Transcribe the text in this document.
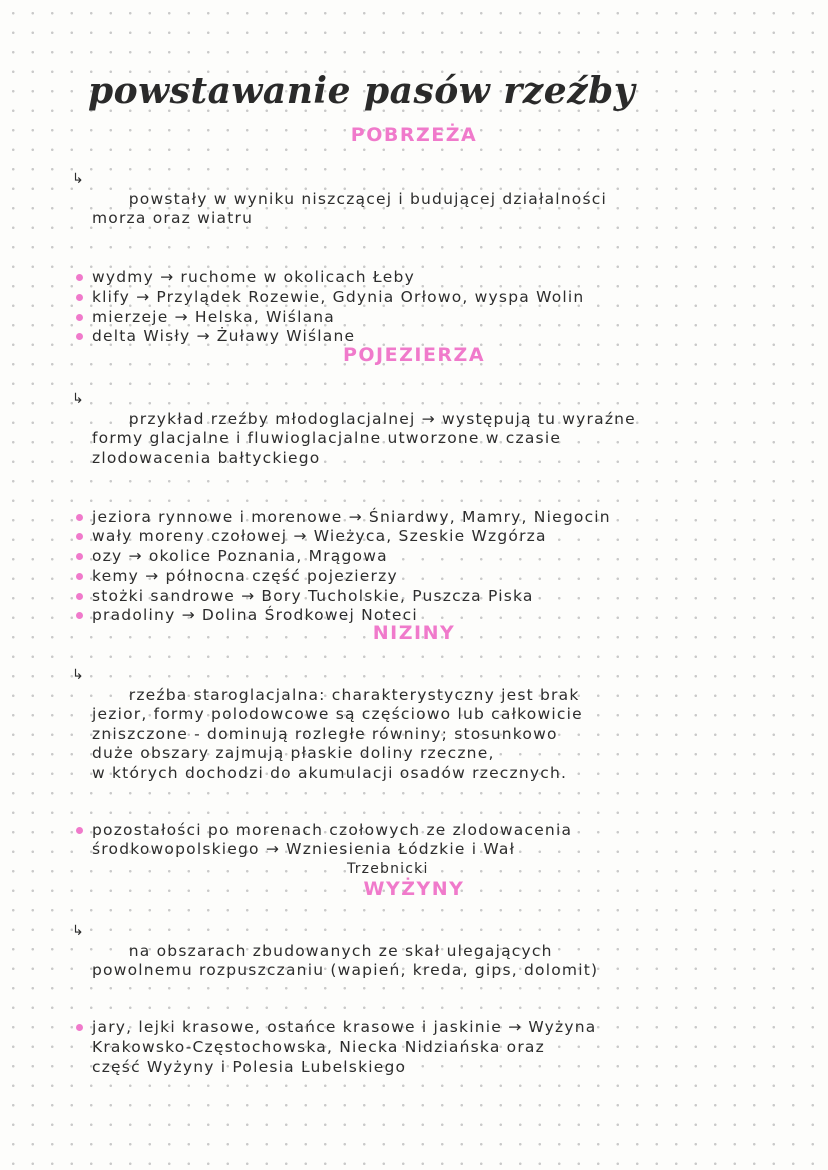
powstawanie pasów rzeźby
POBRZEŻA

↳
powstały w wyniku niszczącej i budującej działalności
morza oraz wiatru

wydmy → ruchome w okolicach Łeby
klify → Przylądek Rozewie, Gdynia Orłowo, wyspa Wolin
mierzeje → Helska, Wiślana
delta Wisły → Żuławy Wiślane
POJEZIERZA

↳
przykład rzeźby młodoglacjalnej → występują tu wyraźne
formy glacjalne i fluwioglacjalne utworzone w czasie
zlodowacenia bałtyckiego

jeziora rynnowe i morenowe → Śniardwy, Mamry, Niegocin
wały moreny czołowej → Wieżyca, Szeskie Wzgórza
ozy → okolice Poznania, Mrągowa
kemy → północna część pojezierzy
stożki sandrowe → Bory Tucholskie, Puszcza Piska
pradoliny → Dolina Środkowej Noteci
NIZINY

↳
rzeźba staroglacjalna: charakterystyczny jest brak
jezior, formy polodowcowe są częściowo lub całkowicie
zniszczone - dominują rozległe równiny; stosunkowo
duże obszary zajmują płaskie doliny rzeczne,
w których dochodzi do akumulacji osadów rzecznych.

pozostałości po morenach czołowych ze zlodowacenia
środkowopolskiego → Wzniesienia Łódzkie i Wał
Trzebnicki
WYŻYNY

↳
na obszarach zbudowanych ze skał ulegających
powolnemu rozpuszczaniu (wapień, kreda, gips, dolomit)

jary, lejki krasowe, ostańce krasowe i jaskinie → Wyżyna
Krakowsko-Częstochowska, Niecka Nidziańska oraz
część Wyżyny i Polesia Lubelskiego
